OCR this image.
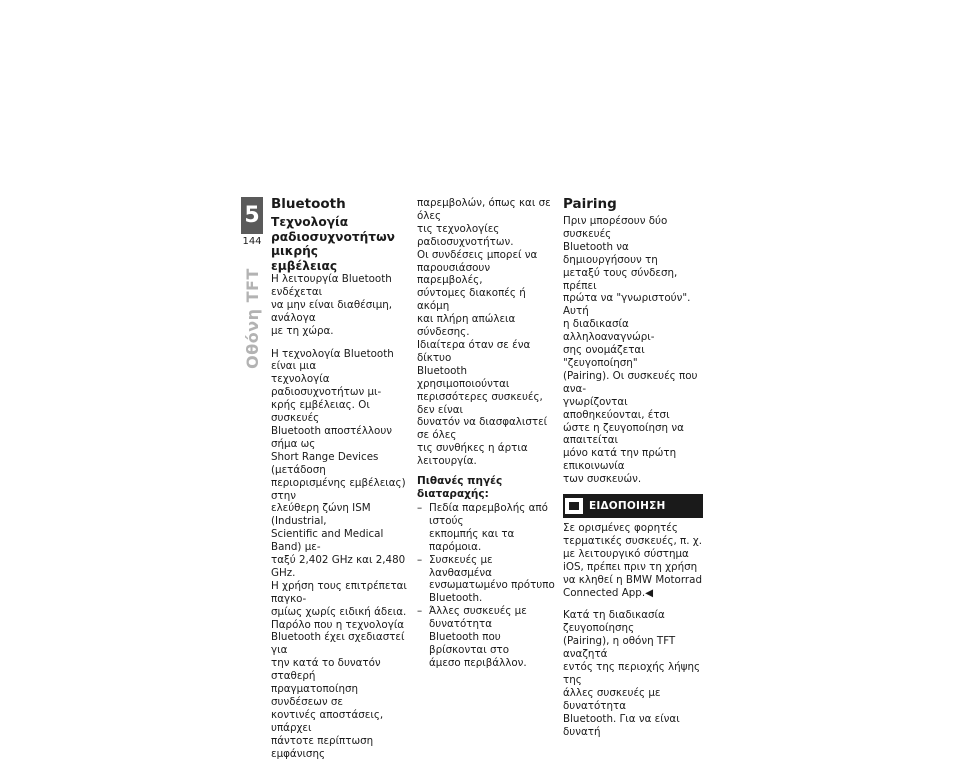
5
144
Οθόνη TFT
Bluetooth
Τεχνολογία
ραδιοσυχνοτήτων μικρής
εμβέλειας

Η λειτουργία Bluetooth ενδέχεται
να μην είναι διαθέσιμη, ανάλογα
με τη χώρα.

Η τεχνολογία Bluetooth είναι μια
τεχνολογία ραδιοσυχνοτήτων μι-
κρής εμβέλειας. Οι συσκευές
Bluetooth αποστέλλουν σήμα ως
Short Range Devices (μετάδοση
περιορισμένης εμβέλειας) στην
ελεύθερη ζώνη ISM (Industrial,
Scientific and Medical Band) με-
ταξύ 2,402 GHz και 2,480 GHz.
Η χρήση τους επιτρέπεται παγκο-
σμίως χωρίς ειδική άδεια.
Παρόλο που η τεχνολογία
Bluetooth έχει σχεδιαστεί για
την κατά το δυνατόν σταθερή
πραγματοποίηση συνδέσεων σε
κοντινές αποστάσεις, υπάρχει
πάντοτε περίπτωση εμφάνισης

παρεμβολών, όπως και σε όλες
τις τεχνολογίες ραδιοσυχνοτήτων.
Οι συνδέσεις μπορεί να
παρουσιάσουν παρεμβολές,
σύντομες διακοπές ή ακόμη
και πλήρη απώλεια σύνδεσης.
Ιδιαίτερα όταν σε ένα δίκτυο
Bluetooth χρησιμοποιούνται
περισσότερες συσκευές, δεν είναι
δυνατόν να διασφαλιστεί σε όλες
τις συνθήκες η άρτια λειτουργία.

Πιθανές πηγές διαταραχής:
– Πεδία παρεμβολής από ιστούς
εκπομπής και τα παρόμοια.
– Συσκευές με λανθασμένα
ενσωματωμένο πρότυπο
Bluetooth.
– Άλλες συσκευές με δυνατότητα
Bluetooth που βρίσκονται στο
άμεσο περιβάλλον.
Pairing

Πριν μπορέσουν δύο συσκευές
Bluetooth να δημιουργήσουν τη
μεταξύ τους σύνδεση, πρέπει
πρώτα να "γνωριστούν". Αυτή
η διαδικασία αλληλοαναγνώρι-
σης ονομάζεται "ζευγοποίηση"
(Pairing). Οι συσκευές που ανα-
γνωρίζονται αποθηκεύονται, έτσι
ώστε η ζευγοποίηση να απαιτείται
μόνο κατά την πρώτη επικοινωνία
των συσκευών.

ΕΙΔΟΠΟΙΗΣΗ

Σε ορισμένες φορητές
τερματικές συσκευές, π. χ.
με λειτουργικό σύστημα
iOS, πρέπει πριν τη χρήση
να κληθεί η BMW Motorrad
Connected App.◀

Κατά τη διαδικασία ζευγοποίησης
(Pairing), η οθόνη TFT αναζητά
εντός της περιοχής λήψης της
άλλες συσκευές με δυνατότητα
Bluetooth. Για να είναι δυνατή
